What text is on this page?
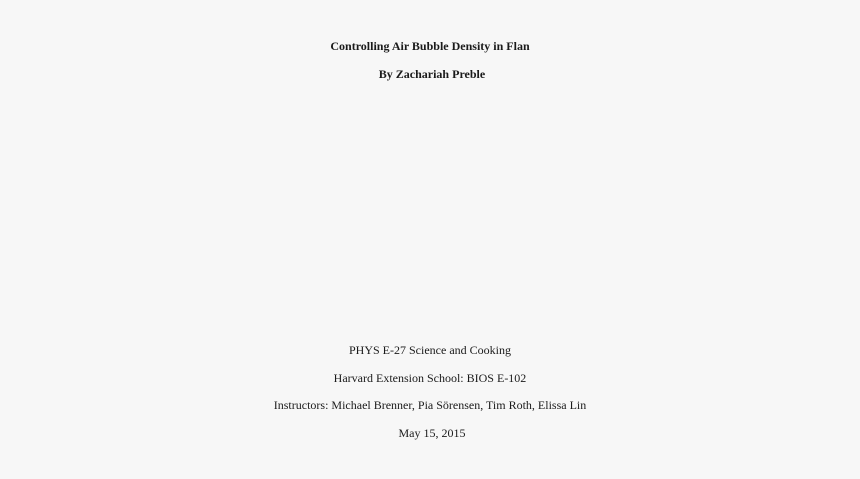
Controlling Air Bubble Density in Flan
By Zachariah Preble
PHYS E-27 Science and Cooking
Harvard Extension School: BIOS E-102
Instructors: Michael Brenner, Pia Sörensen, Tim Roth, Elissa Lin
May 15, 2015
